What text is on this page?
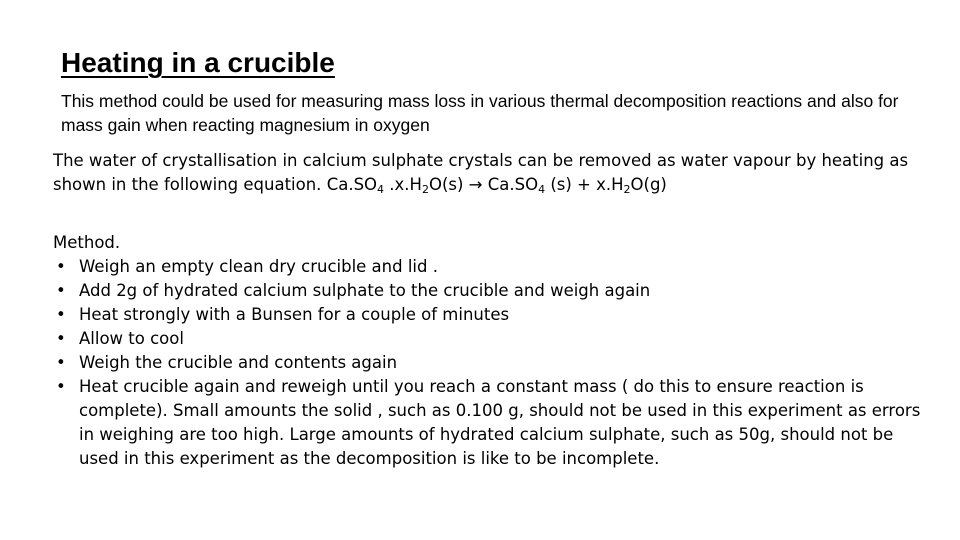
Heating in a crucible

This method could be used for measuring mass loss in various thermal decomposition reactions and also for mass gain when reacting magnesium in oxygen

The water of crystallisation in calcium sulphate crystals can be removed as water vapour by heating as shown in the following equation. $Ca.SO_4$ $.x.H_2O(s) \to Ca.SO_4$ $(s) + x.H_2O(g)$

Method.

• Weigh an empty clean dry crucible and lid .
• Add 2g of hydrated calcium sulphate to the crucible and weigh again
• Heat strongly with a Bunsen for a couple of minutes
• Allow to cool
• Weigh the crucible and contents again
• Heat crucible again and reweigh until you reach a constant mass ( do this to ensure reaction is complete). Small amounts the solid , such as 0.100 g, should not be used in this experiment as errors in weighing are too high. Large amounts of hydrated calcium sulphate, such as 50g, should not be used in this experiment as the decomposition is like to be incomplete.
